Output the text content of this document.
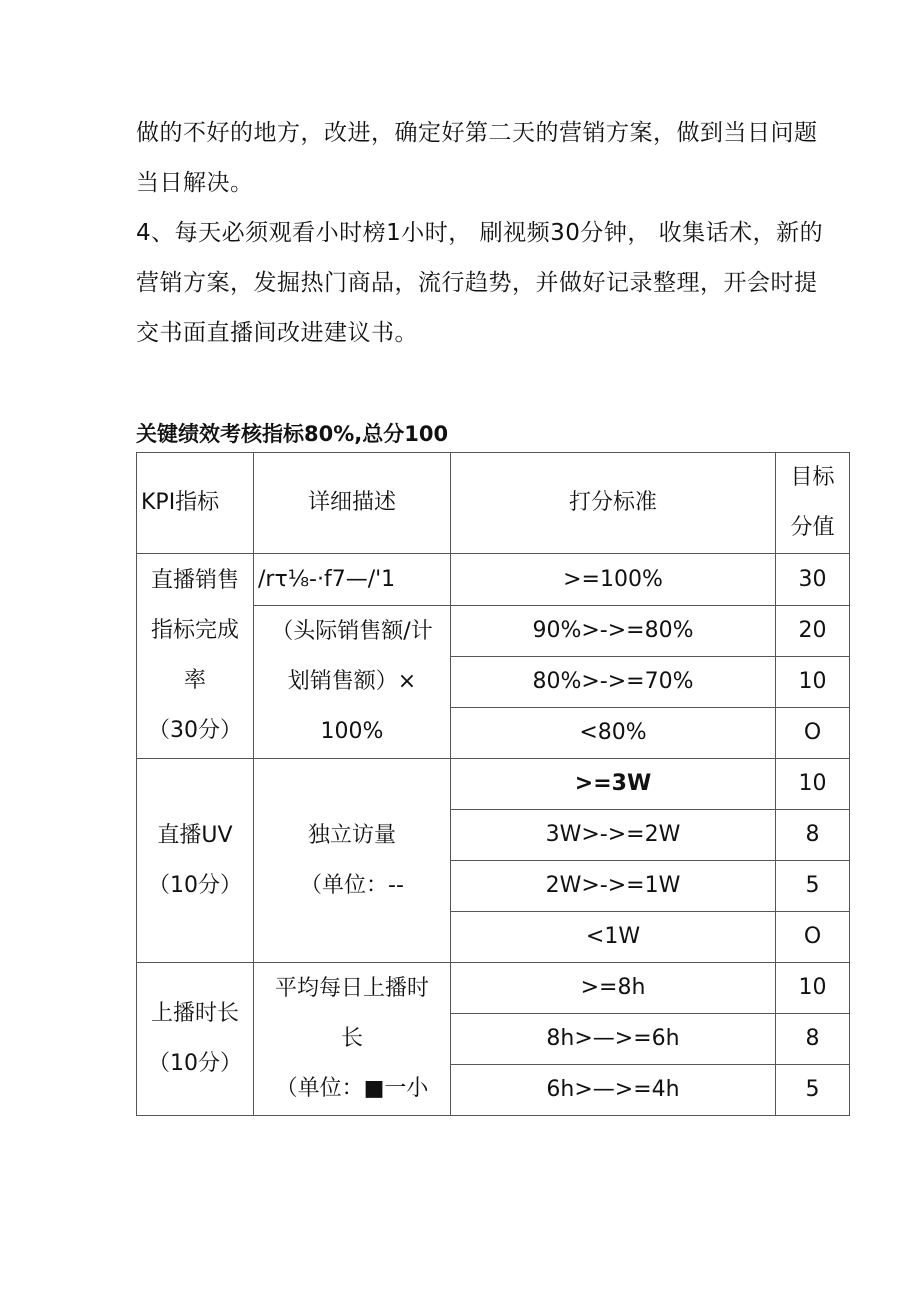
做的不好的地方，改进，确定好第二天的营销方案，做到当日问题当日解决。

4、每天必须观看小时榜1小时， 刷视频30分钟， 收集话术，新的营销方案，发掘热门商品，流行趋势，并做好记录整理，开会时提交书面直播间改进建议书。

关键绩效考核指标80%,总分100

KPI指标	详细描述	打分标准	目标
分值

直播销售
指标完成
率
（30分）	/rτ⅛-·f7—/'1	>=100%	30

	（头际销售额/计
划销售额）×
100%	90%>->=80%	20
		80%>->=70%	10
		<80%	O

直播UV
（10分）	独立访量
（单位：--	>=3W	10
		3W>->=2W	8
		2W>->=1W	5
		<1W	O

上播时长
（10分）	平均每日上播时
长
（单位：■一小	>=8h	10
		8h>—>=6h	8
		6h>—>=4h	5
